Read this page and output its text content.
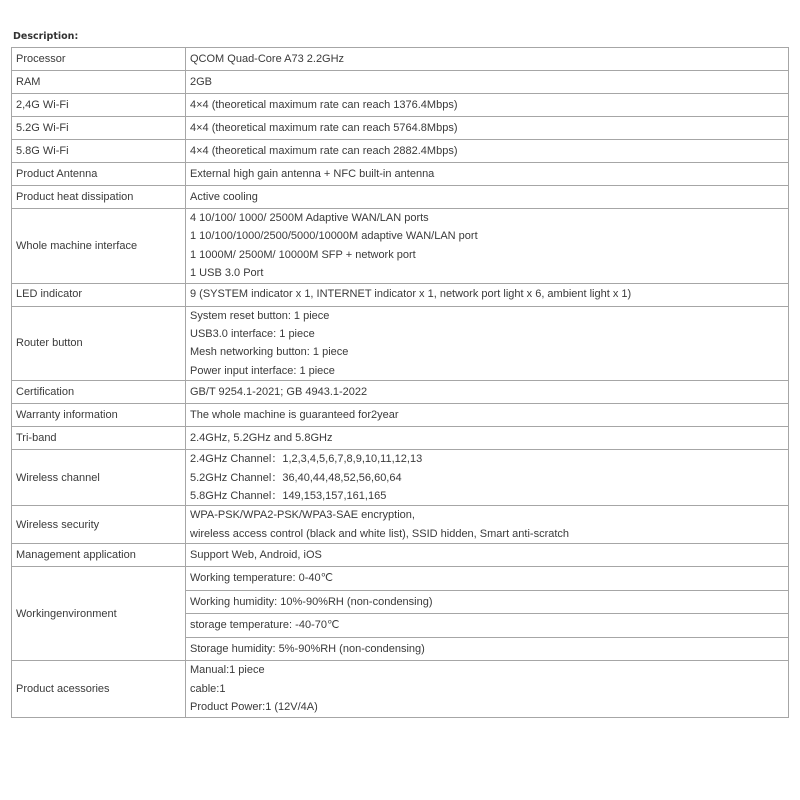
Description:
Processor	QCOM Quad-Core A73 2.2GHz

RAM	2GB

2,4G Wi-Fi	4×4 (theoretical maximum rate can reach 1376.4Mbps)

5.2G Wi-Fi	4×4 (theoretical maximum rate can reach 5764.8Mbps)

5.8G Wi-Fi	4×4 (theoretical maximum rate can reach 2882.4Mbps)

Product Antenna	External high gain antenna + NFC built-in antenna

Product heat dissipation	Active cooling

Whole machine interface	4 10/100/ 1000/ 2500M Adaptive WAN/LAN ports
1 10/100/1000/2500/5000/10000M adaptive WAN/LAN port
1 1000M/ 2500M/ 10000M SFP + network port
1 USB 3.0 Port

LED indicator	9 (SYSTEM indicator x 1, INTERNET indicator x 1, network port light x 6, ambient light x 1)

Router button	System reset button: 1 piece
USB3.0 interface: 1 piece
Mesh networking button: 1 piece
Power input interface: 1 piece

Certification	GB/T 9254.1-2021; GB 4943.1-2022

Warranty information	The whole machine is guaranteed for2year

Tri-band	2.4GHz, 5.2GHz and 5.8GHz

Wireless channel	2.4GHz Channel：1,2,3,4,5,6,7,8,9,10,11,12,13
5.2GHz Channel：36,40,44,48,52,56,60,64
5.8GHz Channel：149,153,157,161,165

Wireless security	WPA-PSK/WPA2-PSK/WPA3-SAE encryption,
wireless access control (black and white list), SSID hidden, Smart anti-scratch

Management application	Support Web, Android, iOS

Workingenvironment	Working temperature: 0-40℃

	Working humidity: 10%-90%RH (non-condensing)

	storage temperature: -40-70℃

	Storage humidity: 5%-90%RH (non-condensing)

Product acessories	Manual:1 piece
cable:1
Product Power:1 (12V/4A)
